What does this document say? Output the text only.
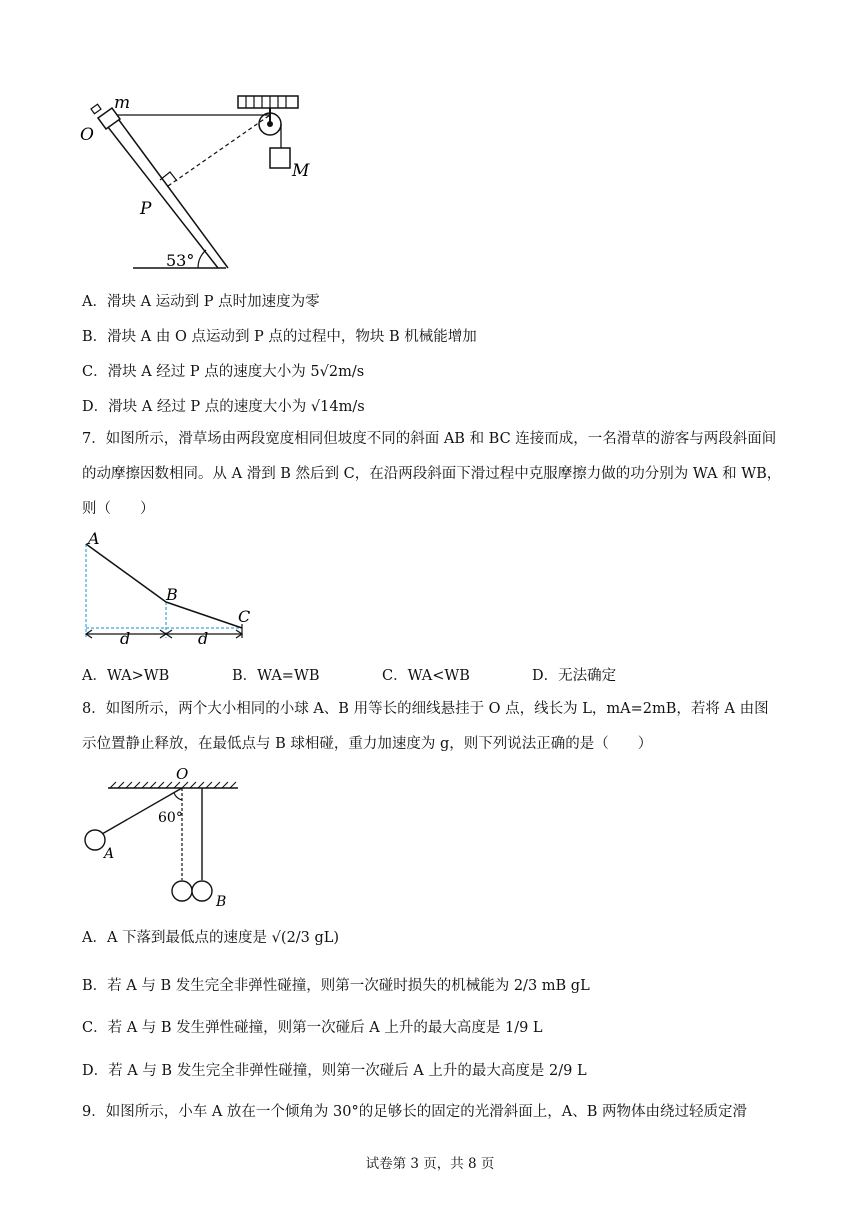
m
O
M
P
53°
A．滑块 A 运动到 P 点时加速度为零
B．滑块 A 由 O 点运动到 P 点的过程中，物块 B 机械能增加
C．滑块 A 经过 P 点的速度大小为 5√2m/s
D．滑块 A 经过 P 点的速度大小为 √14m/s
7．如图所示，滑草场由两段宽度相同但坡度不同的斜面 AB 和 BC 连接而成，一名滑草的游客与两段斜面间的动摩擦因数相同。从 A 滑到 B 然后到 C，在沿两段斜面下滑过程中克服摩擦力做的功分别为 WA 和 WB，则（　　）
A
B
C
d	d
A．WA>WB	B．WA=WB	C．WA<WB	D．无法确定
8．如图所示，两个大小相同的小球 A、B 用等长的细线悬挂于 O 点，线长为 L，mA=2mB，若将 A 由图示位置静止释放，在最低点与 B 球相碰，重力加速度为 g，则下列说法正确的是（　　）
O
60°
A
B
A．A 下落到最低点的速度是 √(2/3 gL)
B．若 A 与 B 发生完全非弹性碰撞，则第一次碰时损失的机械能为 2/3 mB gL
C．若 A 与 B 发生弹性碰撞，则第一次碰后 A 上升的最大高度是 1/9 L
D．若 A 与 B 发生完全非弹性碰撞，则第一次碰后 A 上升的最大高度是 2/9 L
9．如图所示，小车 A 放在一个倾角为 30°的足够长的固定的光滑斜面上，A、B 两物体由绕过轻质定滑
试卷第 3 页，共 8 页
